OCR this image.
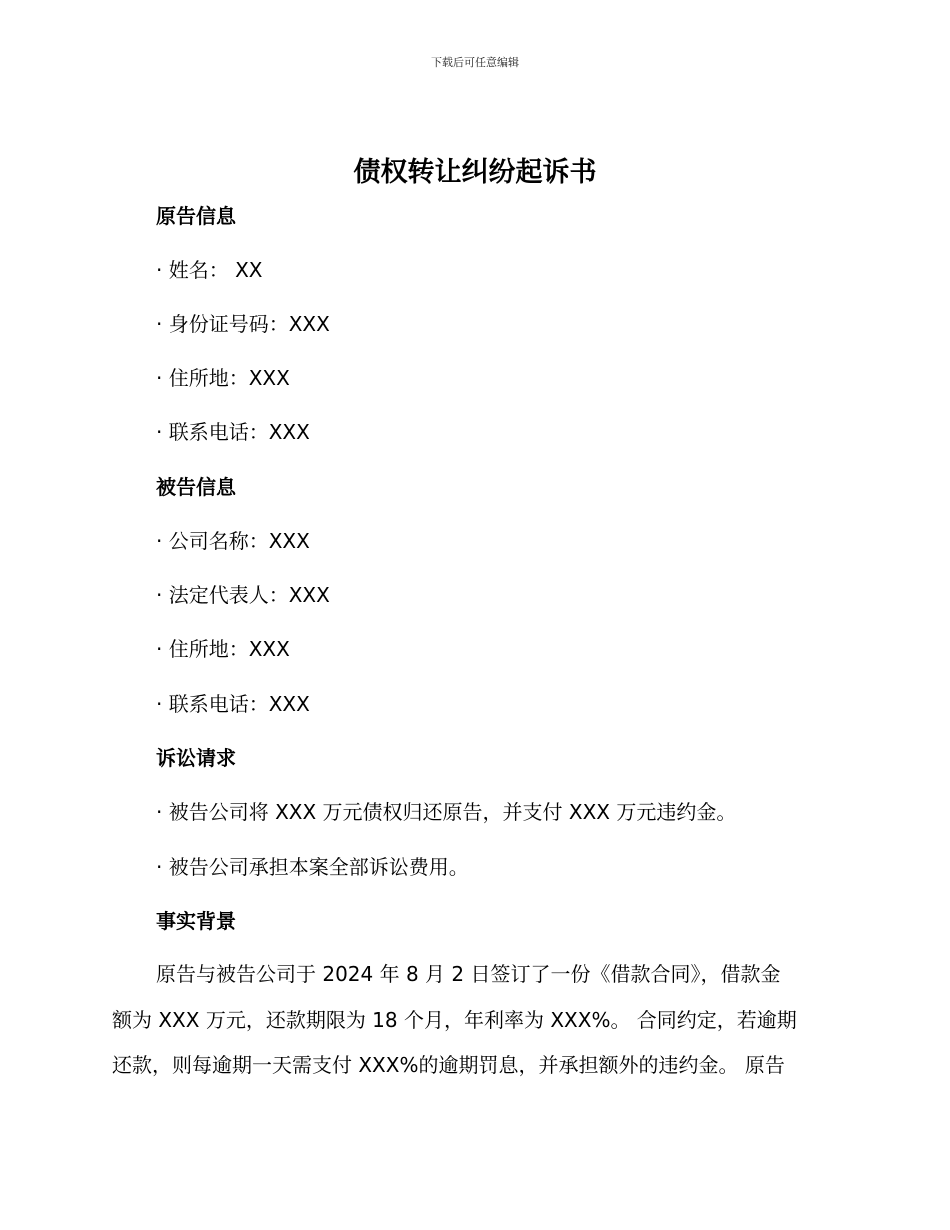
下载后可任意编辑
债权转让纠纷起诉书
原告信息
· 姓名： XX
· 身份证号码：XXX
· 住所地：XXX
· 联系电话：XXX
被告信息
· 公司名称：XXX
· 法定代表人：XXX
· 住所地：XXX
· 联系电话：XXX
诉讼请求
· 被告公司将 XXX 万元债权归还原告，并支付 XXX 万元违约金。
· 被告公司承担本案全部诉讼费用。
事实背景
原告与被告公司于 2024 年 8 月 2 日签订了一份《借款合同》，借款金
额为 XXX 万元，还款期限为 18 个月，年利率为 XXX%。 合同约定，若逾期
还款，则每逾期一天需支付 XXX%的逾期罚息，并承担额外的违约金。 原告
